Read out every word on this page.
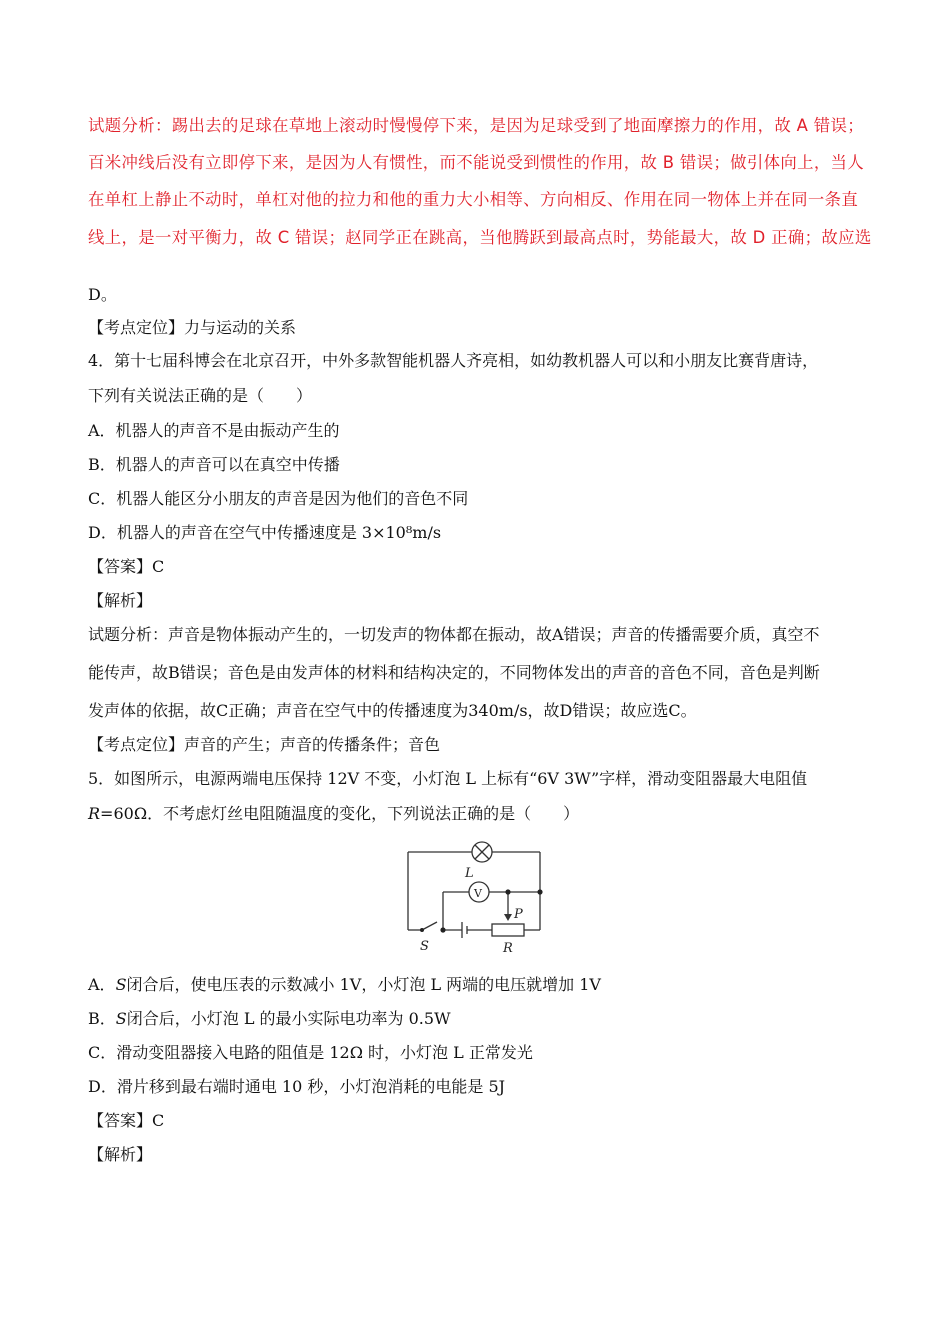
试题分析：踢出去的足球在草地上滚动时慢慢停下来，是因为足球受到了地面摩擦力的作用，故 A 错误；
百米冲线后没有立即停下来，是因为人有惯性，而不能说受到惯性的作用，故 B 错误；做引体向上，当人
在单杠上静止不动时，单杠对他的拉力和他的重力大小相等、方向相反、作用在同一物体上并在同一条直
线上，是一对平衡力，故 C 错误；赵同学正在跳高，当他腾跃到最高点时，势能最大，故 D 正确；故应选
D。
【考点定位】力与运动的关系
4．第十七届科博会在北京召开，中外多款智能机器人齐亮相，如幼教机器人可以和小朋友比赛背唐诗，
下列有关说法正确的是（　　）
A．机器人的声音不是由振动产生的
B．机器人的声音可以在真空中传播
C．机器人能区分小朋友的声音是因为他们的音色不同
D．机器人的声音在空气中传播速度是 3×10⁸m/s
【答案】C
【解析】
试题分析：声音是物体振动产生的，一切发声的物体都在振动，故A错误；声音的传播需要介质，真空不
能传声，故B错误；音色是由发声体的材料和结构决定的，不同物体发出的声音的音色不同，音色是判断
发声体的依据，故C正确；声音在空气中的传播速度为340m/s，故D错误；故应选C。
【考点定位】声音的产生；声音的传播条件；音色
5．如图所示，电源两端电压保持 12V 不变，小灯泡 L 上标有“6V 3W”字样，滑动变阻器最大电阻值
R=60Ω．不考虑灯丝电阻随温度的变化，下列说法正确的是（　　）
L
V
S
P
R
A．S闭合后，使电压表的示数减小 1V，小灯泡 L 两端的电压就增加 1V
B．S闭合后，小灯泡 L 的最小实际电功率为 0.5W
C．滑动变阻器接入电路的阻值是 12Ω 时，小灯泡 L 正常发光
D．滑片移到最右端时通电 10 秒，小灯泡消耗的电能是 5J
【答案】C
【解析】
